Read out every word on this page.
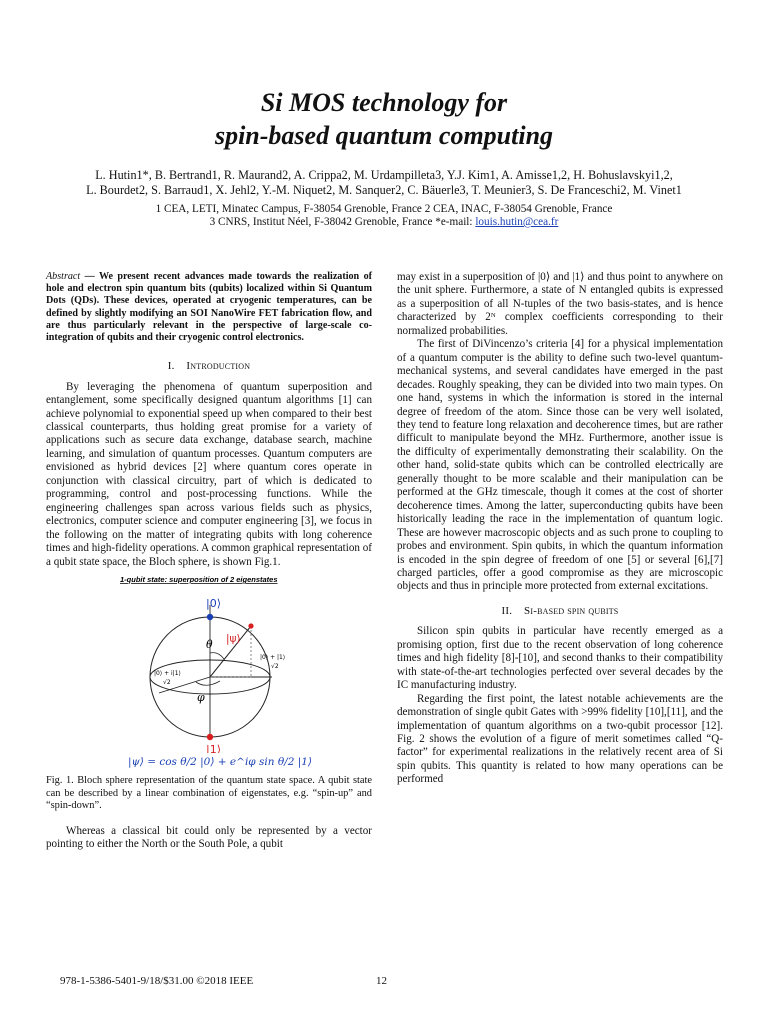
Si MOS technology for
spin-based quantum computing
L. Hutin1*, B. Bertrand1, R. Maurand2, A. Crippa2, M. Urdampilleta3, Y.J. Kim1, A. Amisse1,2, H. Bohuslavskyi1,2,
L. Bourdet2, S. Barraud1, X. Jehl2, Y.-M. Niquet2, M. Sanquer2, C. Bäuerle3, T. Meunier3, S. De Franceschi2, M. Vinet1
1 CEA, LETI, Minatec Campus, F-38054 Grenoble, France 2 CEA, INAC, F-38054 Grenoble, France
3 CNRS, Institut Néel, F-38042 Grenoble, France *e-mail: louis.hutin@cea.fr

Abstract — We present recent advances made towards the realization of hole and electron spin quantum bits (qubits) localized within Si Quantum Dots (QDs). These devices, operated at cryogenic temperatures, can be defined by slightly modifying an SOI NanoWire FET fabrication flow, and are thus particularly relevant in the perspective of large-scale co-integration of qubits and their cryogenic control electronics.

I. Introduction

By leveraging the phenomena of quantum superposition and entanglement, some specifically designed quantum algorithms [1] can achieve polynomial to exponential speed up when compared to their best classical counterparts, thus holding great promise for a variety of applications such as secure data exchange, database search, machine learning, and simulation of quantum processes. Quantum computers are envisioned as hybrid devices [2] where quantum cores operate in conjunction with classical circuitry, part of which is dedicated to programming, control and post-processing functions. While the engineering challenges span across various fields such as physics, electronics, computer science and computer engineering [3], we focus in the following on the matter of integrating qubits with long coherence times and high-fidelity operations. A common graphical representation of a qubit state space, the Bloch sphere, is shown Fig.1.

1-qubit state: superposition of 2 eigenstates
|0⟩
|1⟩
|ψ⟩
θ
φ
|0⟩ + |1⟩
√2
|0⟩ + i|1⟩
√2
|ψ⟩ = cos θ/2 |0⟩ + e^iφ sin θ/2 |1⟩

Fig. 1. Bloch sphere representation of the quantum state space. A qubit state can be described by a linear combination of eigenstates, e.g. “spin-up” and “spin-down”.

Whereas a classical bit could only be represented by a vector pointing to either the North or the South Pole, a qubit

may exist in a superposition of |0⟩ and |1⟩ and thus point to anywhere on the unit sphere. Furthermore, a state of N entangled qubits is expressed as a superposition of all N-tuples of the two basis-states, and is hence characterized by 2ᴺ complex coefficients corresponding to their normalized probabilities.

The first of DiVincenzo’s criteria [4] for a physical implementation of a quantum computer is the ability to define such two-level quantum-mechanical systems, and several candidates have emerged in the past decades. Roughly speaking, they can be divided into two main types. On one hand, systems in which the information is stored in the internal degree of freedom of the atom. Since those can be very well isolated, they tend to feature long relaxation and decoherence times, but are rather difficult to manipulate beyond the MHz. Furthermore, another issue is the difficulty of experimentally demonstrating their scalability. On the other hand, solid-state qubits which can be controlled electrically are generally thought to be more scalable and their manipulation can be performed at the GHz timescale, though it comes at the cost of shorter decoherence times. Among the latter, superconducting qubits have been historically leading the race in the implementation of quantum logic. These are however macroscopic objects and as such prone to coupling to probes and environment. Spin qubits, in which the quantum information is encoded in the spin degree of freedom of one [5] or several [6],[7] charged particles, offer a good compromise as they are microscopic objects and thus in principle more protected from external excitations.

II. Si-based spin qubits

Silicon spin qubits in particular have recently emerged as a promising option, first due to the recent observation of long coherence times and high fidelity [8]-[10], and second thanks to their compatibility with state-of-the-art technologies perfected over several decades by the IC manufacturing industry.

Regarding the first point, the latest notable achievements are the demonstration of single qubit Gates with >99% fidelity [10],[11], and the implementation of quantum algorithms on a two-qubit processor [12]. Fig. 2 shows the evolution of a figure of merit sometimes called “Q-factor” for experimental realizations in the relatively recent area of Si spin qubits. This quantity is related to how many operations can be performed

978-1-5386-5401-9/18/$31.00 ©2018 IEEE	12
